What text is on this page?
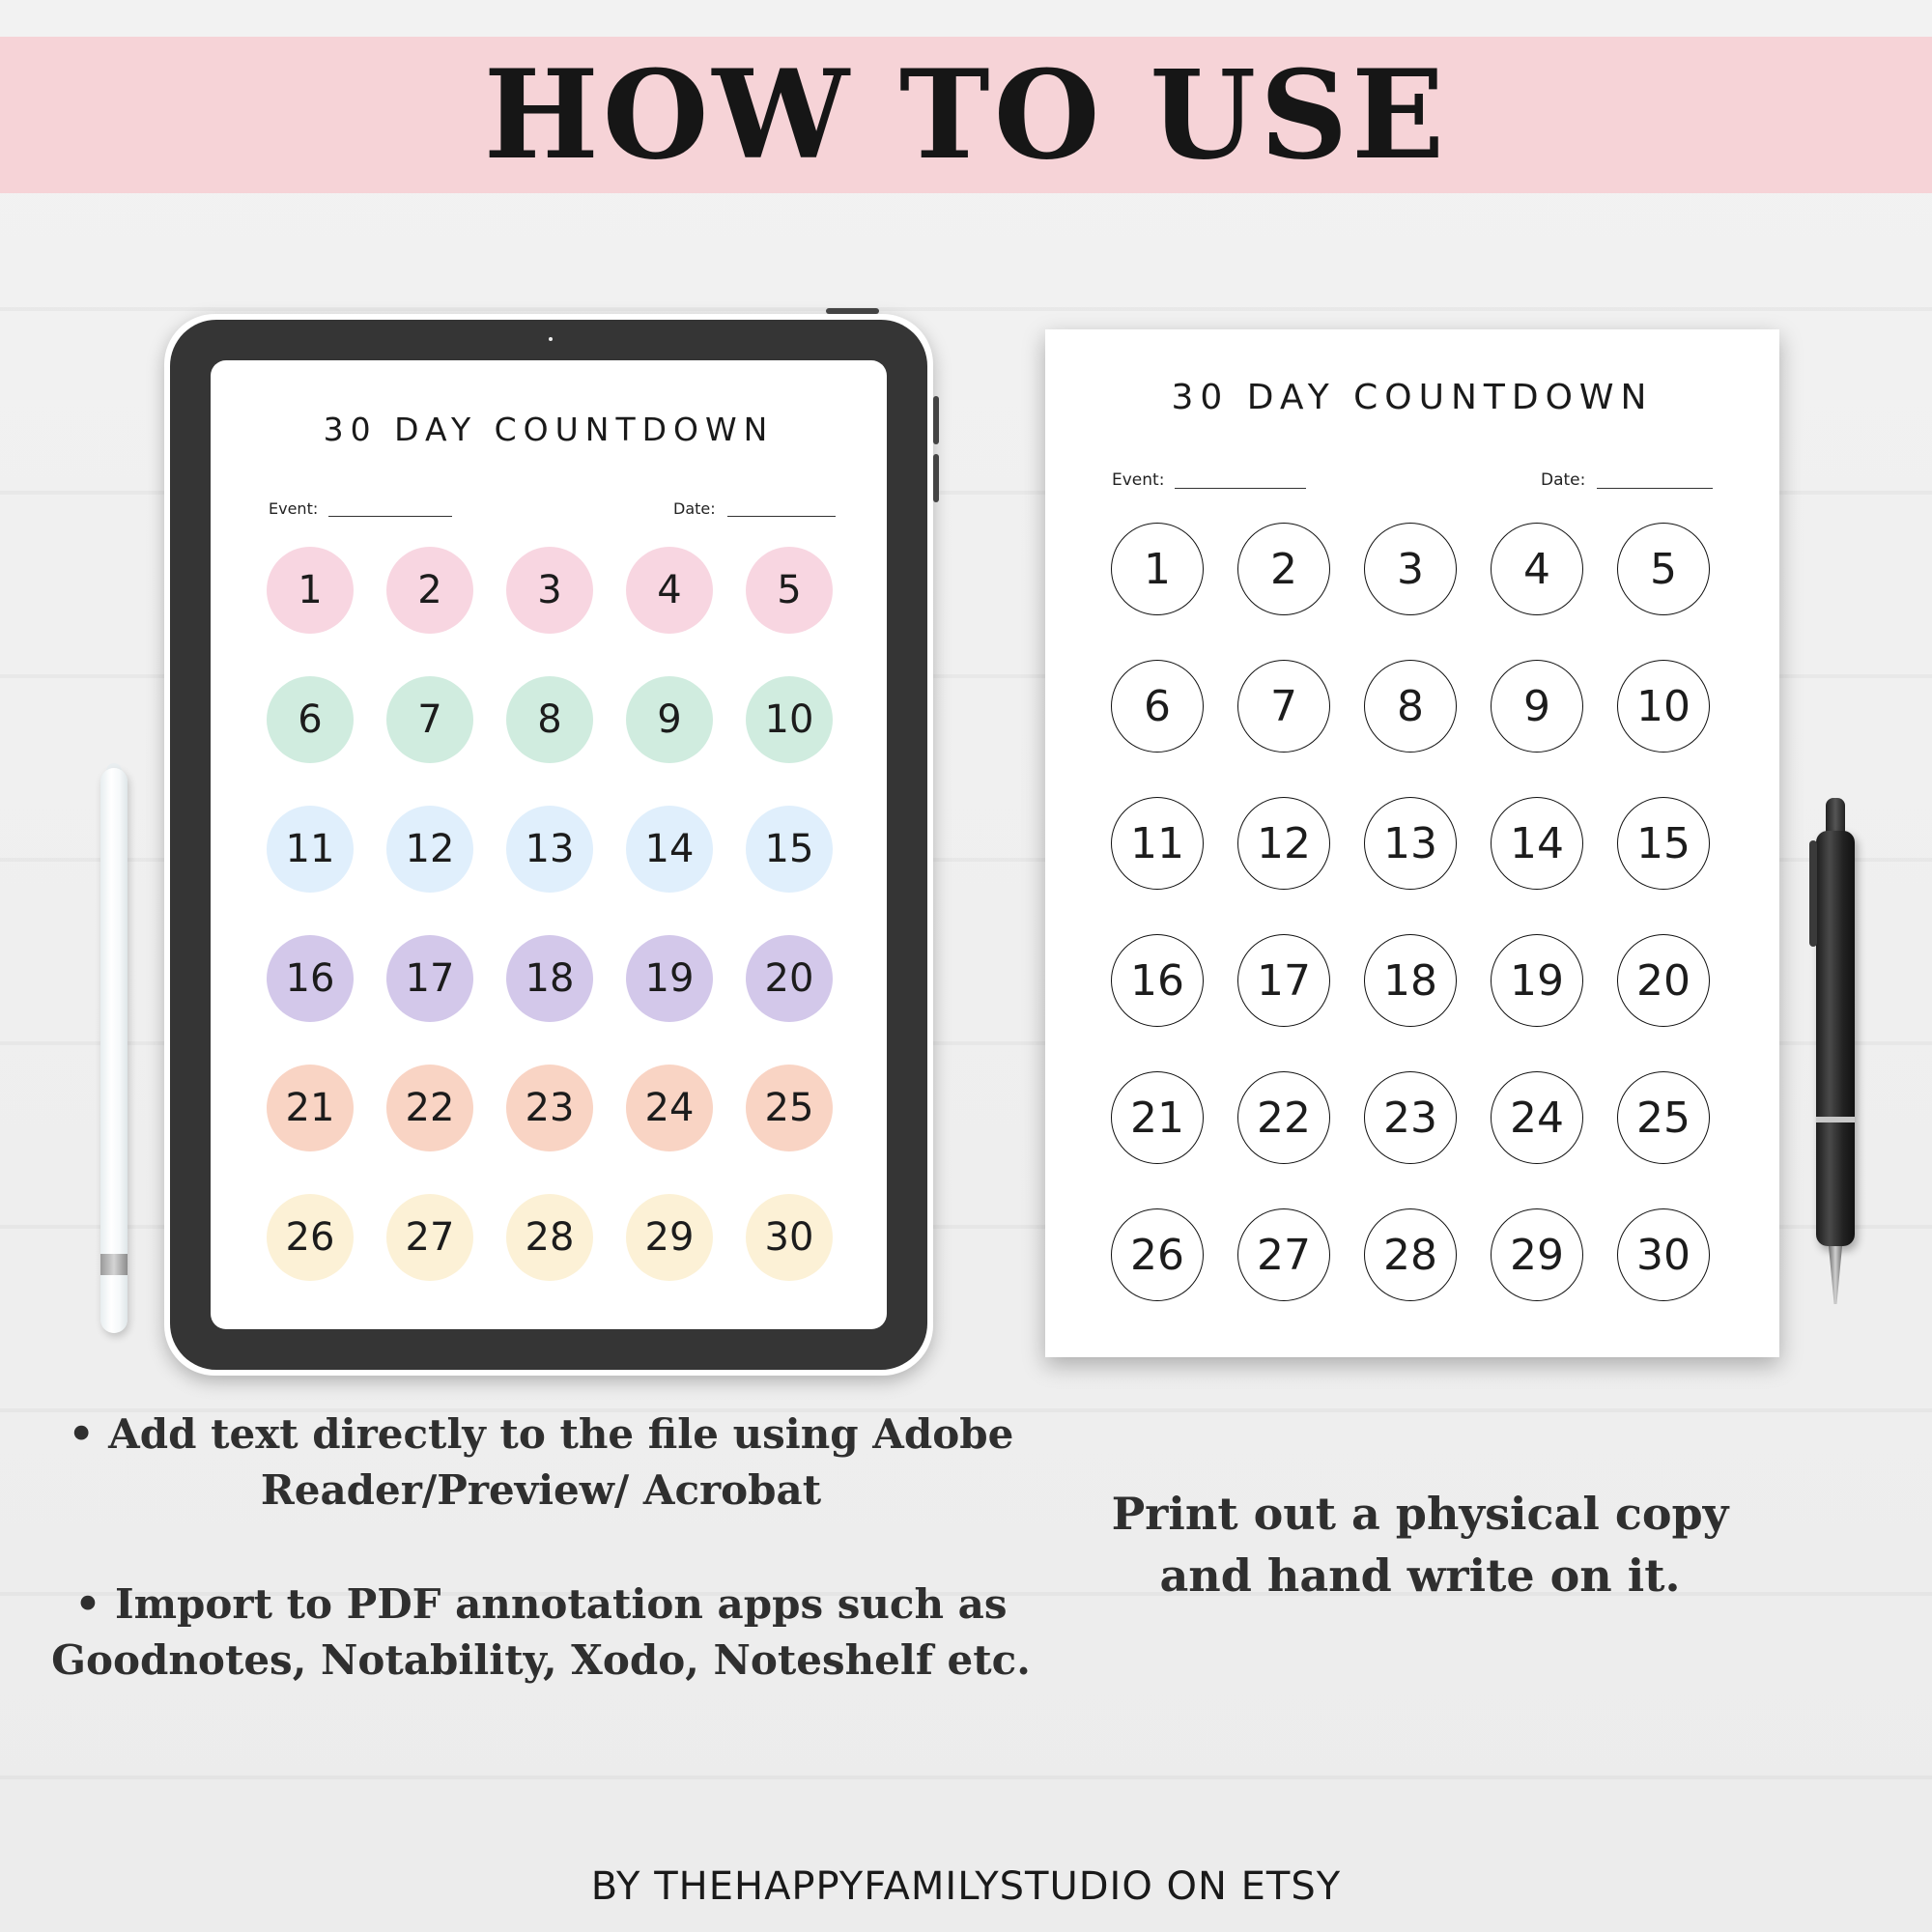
HOW TO USE
30 DAY COUNTDOWN
Event:	Date:
1	2	3	4	5
6	7	8	9	10
11	12	13	14	15
16	17	18	19	20
21	22	23	24	25
26	27	28	29	30
30 DAY COUNTDOWN
Event:	Date:
1	2	3	4	5
6	7	8	9	10
11	12	13	14	15
16	17	18	19	20
21	22	23	24	25
26	27	28	29	30
• Add text directly to the file using Adobe
Reader/Preview/ Acrobat
• Import to PDF annotation apps such as
Goodnotes, Notability, Xodo, Noteshelf etc.
Print out a physical copy
and hand write on it.
BY THEHAPPYFAMILYSTUDIO ON ETSY
